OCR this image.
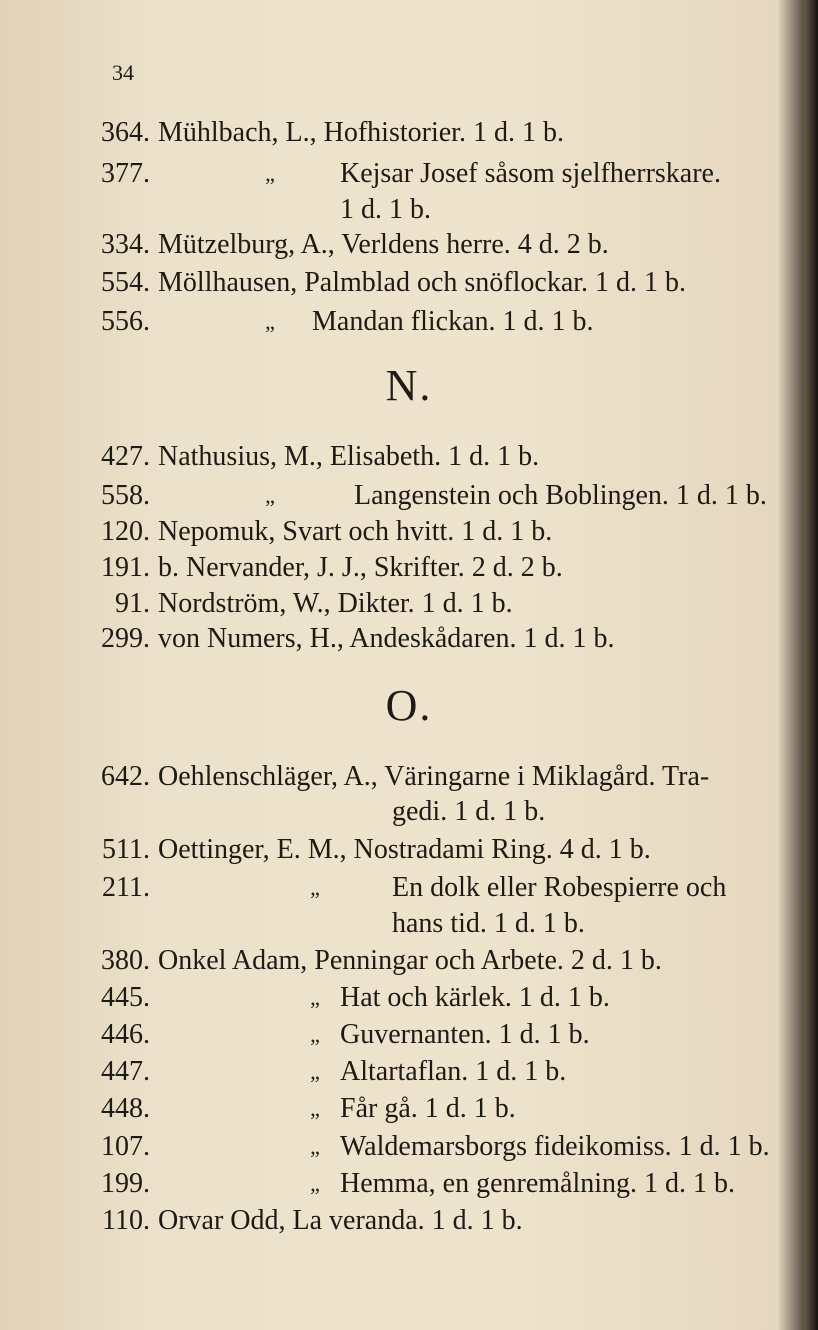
34
364. Mühlbach, L., Hofhistorier. 1 d. 1 b.
377.	„	Kejsar Josef såsom sjelfherrskare.
1 d. 1 b.
334. Mützelburg, A., Verldens herre. 4 d. 2 b.
554. Möllhausen, Palmblad och snöflockar. 1 d. 1 b.
556.	„	Mandan flickan. 1 d. 1 b.
N.
427. Nathusius, M., Elisabeth. 1 d. 1 b.
558.	„	Langenstein och Boblingen. 1 d. 1 b.
120. Nepomuk, Svart och hvitt. 1 d. 1 b.
191. b. Nervander, J. J., Skrifter. 2 d. 2 b.
91. Nordström, W., Dikter. 1 d. 1 b.
299. von Numers, H., Andeskådaren. 1 d. 1 b.
O.
642. Oehlenschläger, A., Väringarne i Miklagård. Tra-
gedi. 1 d. 1 b.
511. Oettinger, E. M., Nostradami Ring. 4 d. 1 b.
211.	„	En dolk eller Robespierre och
hans tid. 1 d. 1 b.
380. Onkel Adam, Penningar och Arbete. 2 d. 1 b.
445.	„ Hat och kärlek. 1 d. 1 b.
446.	„ Guvernanten. 1 d. 1 b.
447.	„ Altartaflan. 1 d. 1 b.
448.	„ Får gå. 1 d. 1 b.
107.	„ Waldemarsborgs fideikomiss. 1 d. 1 b.
199.	„ Hemma, en genremålning. 1 d. 1 b.
110. Orvar Odd, La veranda. 1 d. 1 b.
